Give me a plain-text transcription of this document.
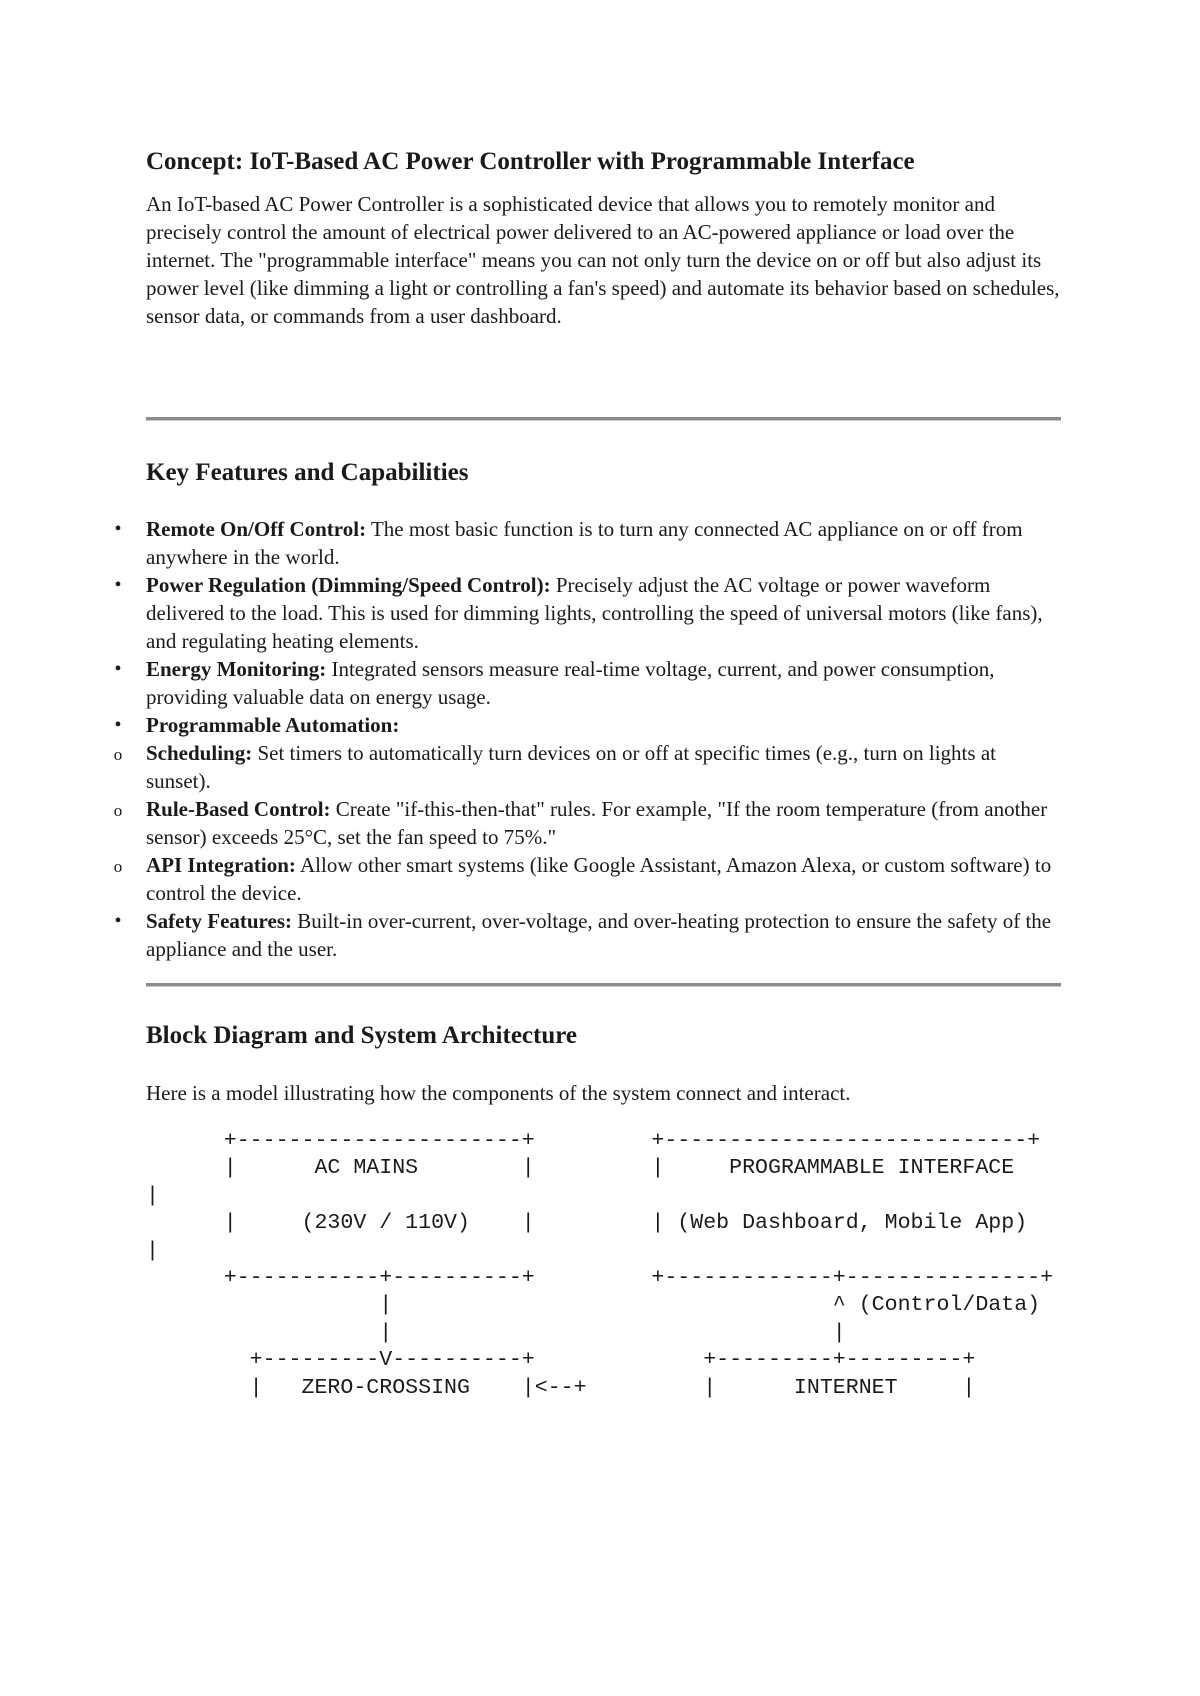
Concept: IoT-Based AC Power Controller with Programmable Interface

An IoT-based AC Power Controller is a sophisticated device that allows you to remotely monitor and precisely control the amount of electrical power delivered to an AC-powered appliance or load over the internet. The "programmable interface" means you can not only turn the device on or off but also adjust its power level (like dimming a light or controlling a fan's speed) and automate its behavior based on schedules, sensor data, or commands from a user dashboard.

Key Features and Capabilities
•	Remote On/Off Control: The most basic function is to turn any connected AC appliance on or off from anywhere in the world.
•	Power Regulation (Dimming/Speed Control): Precisely adjust the AC voltage or power waveform delivered to the load. This is used for dimming lights, controlling the speed of universal motors (like fans), and regulating heating elements.
•	Energy Monitoring: Integrated sensors measure real-time voltage, current, and power consumption, providing valuable data on energy usage.
•	Programmable Automation:
o Scheduling: Set timers to automatically turn devices on or off at specific times (e.g., turn on lights at sunset).
o Rule-Based Control: Create "if-this-then-that" rules. For example, "If the room temperature (from another sensor) exceeds 25°C, set the fan speed to 75%."
o API Integration: Allow other smart systems (like Google Assistant, Amazon Alexa, or custom software) to control the device.
•	Safety Features: Built-in over-current, over-voltage, and over-heating protection to ensure the safety of the appliance and the user.
Block Diagram and System Architecture

Here is a model illustrating how the components of the system connect and interact.

+----------------------+         +----------------------------+
|      AC MAINS        |         |     PROGRAMMABLE INTERFACE   |
|     (230V / 110V)    |         | (Web Dashboard, Mobile App)  |
+-----------+----------+         +-------------+---------------+
|                                  ^ (Control/Data)
|                                  |
+---------V----------+             +---------+---------+
|   ZERO-CROSSING    |<--+         |      INTERNET     |
